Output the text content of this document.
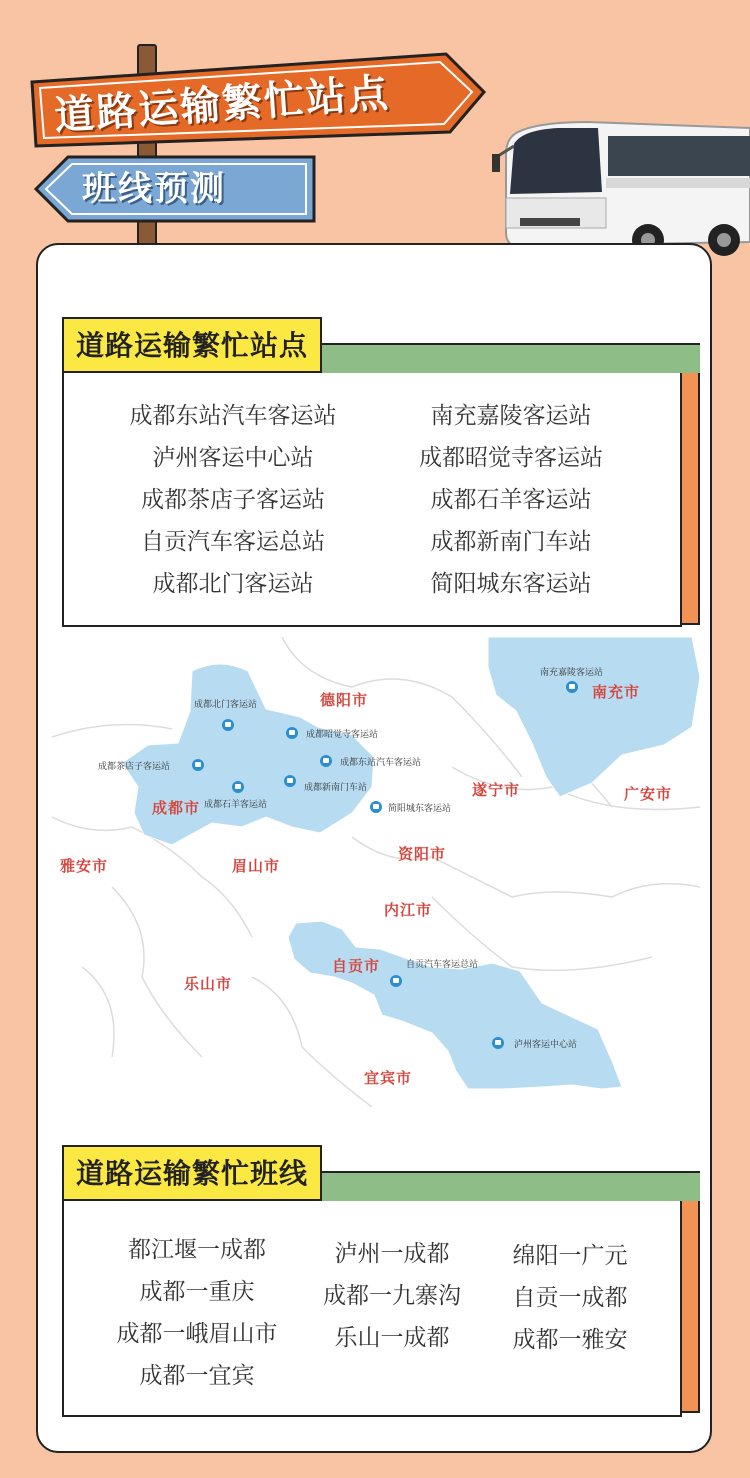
道路运输繁忙站点
班线预测
道路运输繁忙站点
成都东站汽车客运站	南充嘉陵客运站
泸州客运中心站	成都昭觉寺客运站
成都茶店子客运站	成都石羊客运站
自贡汽车客运总站	成都新南门车站
成都北门客运站	简阳城东客运站
德阳市	南充市
遂宁市	广安市
成都市
雅安市	眉山市
资阳市
内江市
自贡市
乐山市
宜宾市
成都北门客运站
成都昭觉寺客运站
成都东站汽车客运站
成都茶店子客运站
成都新南门车站
成都石羊客运站	简阳城东客运站
南充嘉陵客运站
自贡汽车客运总站
泸州客运中心站
道路运输繁忙班线
都江堰一成都
成都一重庆
成都一峨眉山市
成都一宜宾
泸州一成都
成都一九寨沟
乐山一成都
绵阳一广元
自贡一成都
成都一雅安
